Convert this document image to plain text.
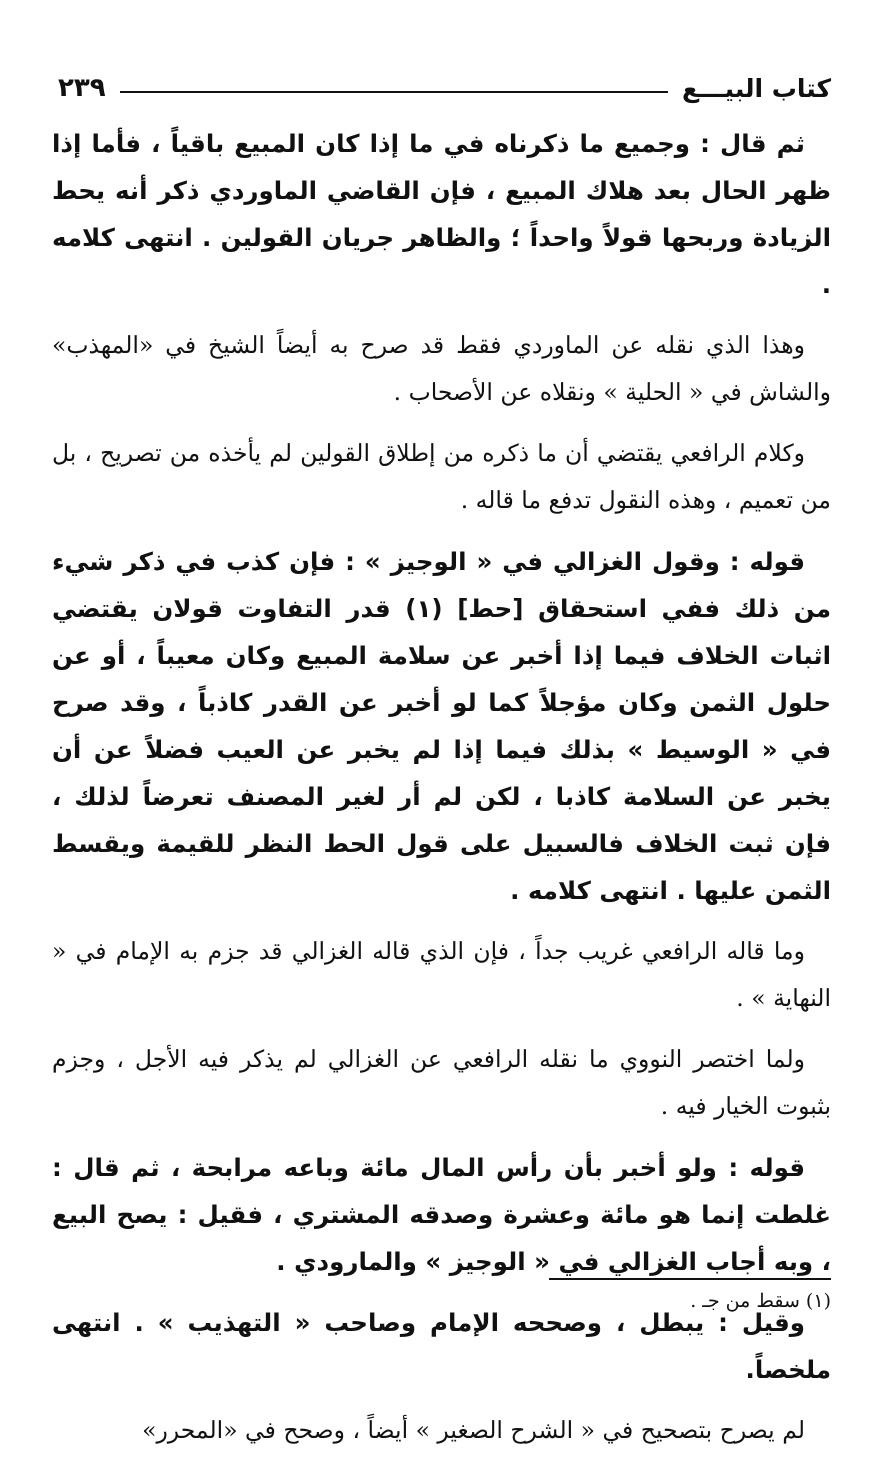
كتاب البيـــع
٢٣٩

ثم قال : وجميع ما ذكرناه في ما إذا كان المبيع باقياً ، فأما إذا ظهر الحال بعد هلاك المبيع ، فإن القاضي الماوردي ذكر أنه يحط الزيادة وربحها قولاً واحداً ؛ والظاهر جريان القولين . انتهى كلامه .

وهذا الذي نقله عن الماوردي فقط قد صرح به أيضاً الشيخ في «المهذب» والشاش في « الحلية » ونقلاه عن الأصحاب .

وكلام الرافعي يقتضي أن ما ذكره من إطلاق القولين لم يأخذه من تصريح ، بل من تعميم ، وهذه النقول تدفع ما قاله .

قوله : وقول الغزالي في « الوجيز » : فإن كذب في ذكر شيء من ذلك ففي استحقاق [حط] (١) قدر التفاوت قولان يقتضي اثبات الخلاف فيما إذا أخبر عن سلامة المبيع وكان معيباً ، أو عن حلول الثمن وكان مؤجلاً كما لو أخبر عن القدر كاذباً ، وقد صرح في « الوسيط » بذلك فيما إذا لم يخبر عن العيب فضلاً عن أن يخبر عن السلامة كاذبا ، لكن لم أر لغير المصنف تعرضاً لذلك ، فإن ثبت الخلاف فالسبيل على قول الحط النظر للقيمة ويقسط الثمن عليها . انتهى كلامه .

وما قاله الرافعي غريب جداً ، فإن الذي قاله الغزالي قد جزم به الإمام في « النهاية » .

ولما اختصر النووي ما نقله الرافعي عن الغزالي لم يذكر فيه الأجل ، وجزم بثبوت الخيار فيه .

قوله : ولو أخبر بأن رأس المال مائة وباعه مرابحة ، ثم قال : غلطت إنما هو مائة وعشرة وصدقه المشتري ، فقيل : يصح البيع ، وبه أجاب الغزالي في « الوجيز » والمارودي .

وقيل : يبطل ، وصححه الإمام وصاحب « التهذيب » . انتهى ملخصاً.

لم يصرح بتصحيح في « الشرح الصغير » أيضاً ، وصحح في «المحرر»

(١) سقط من جـ .
